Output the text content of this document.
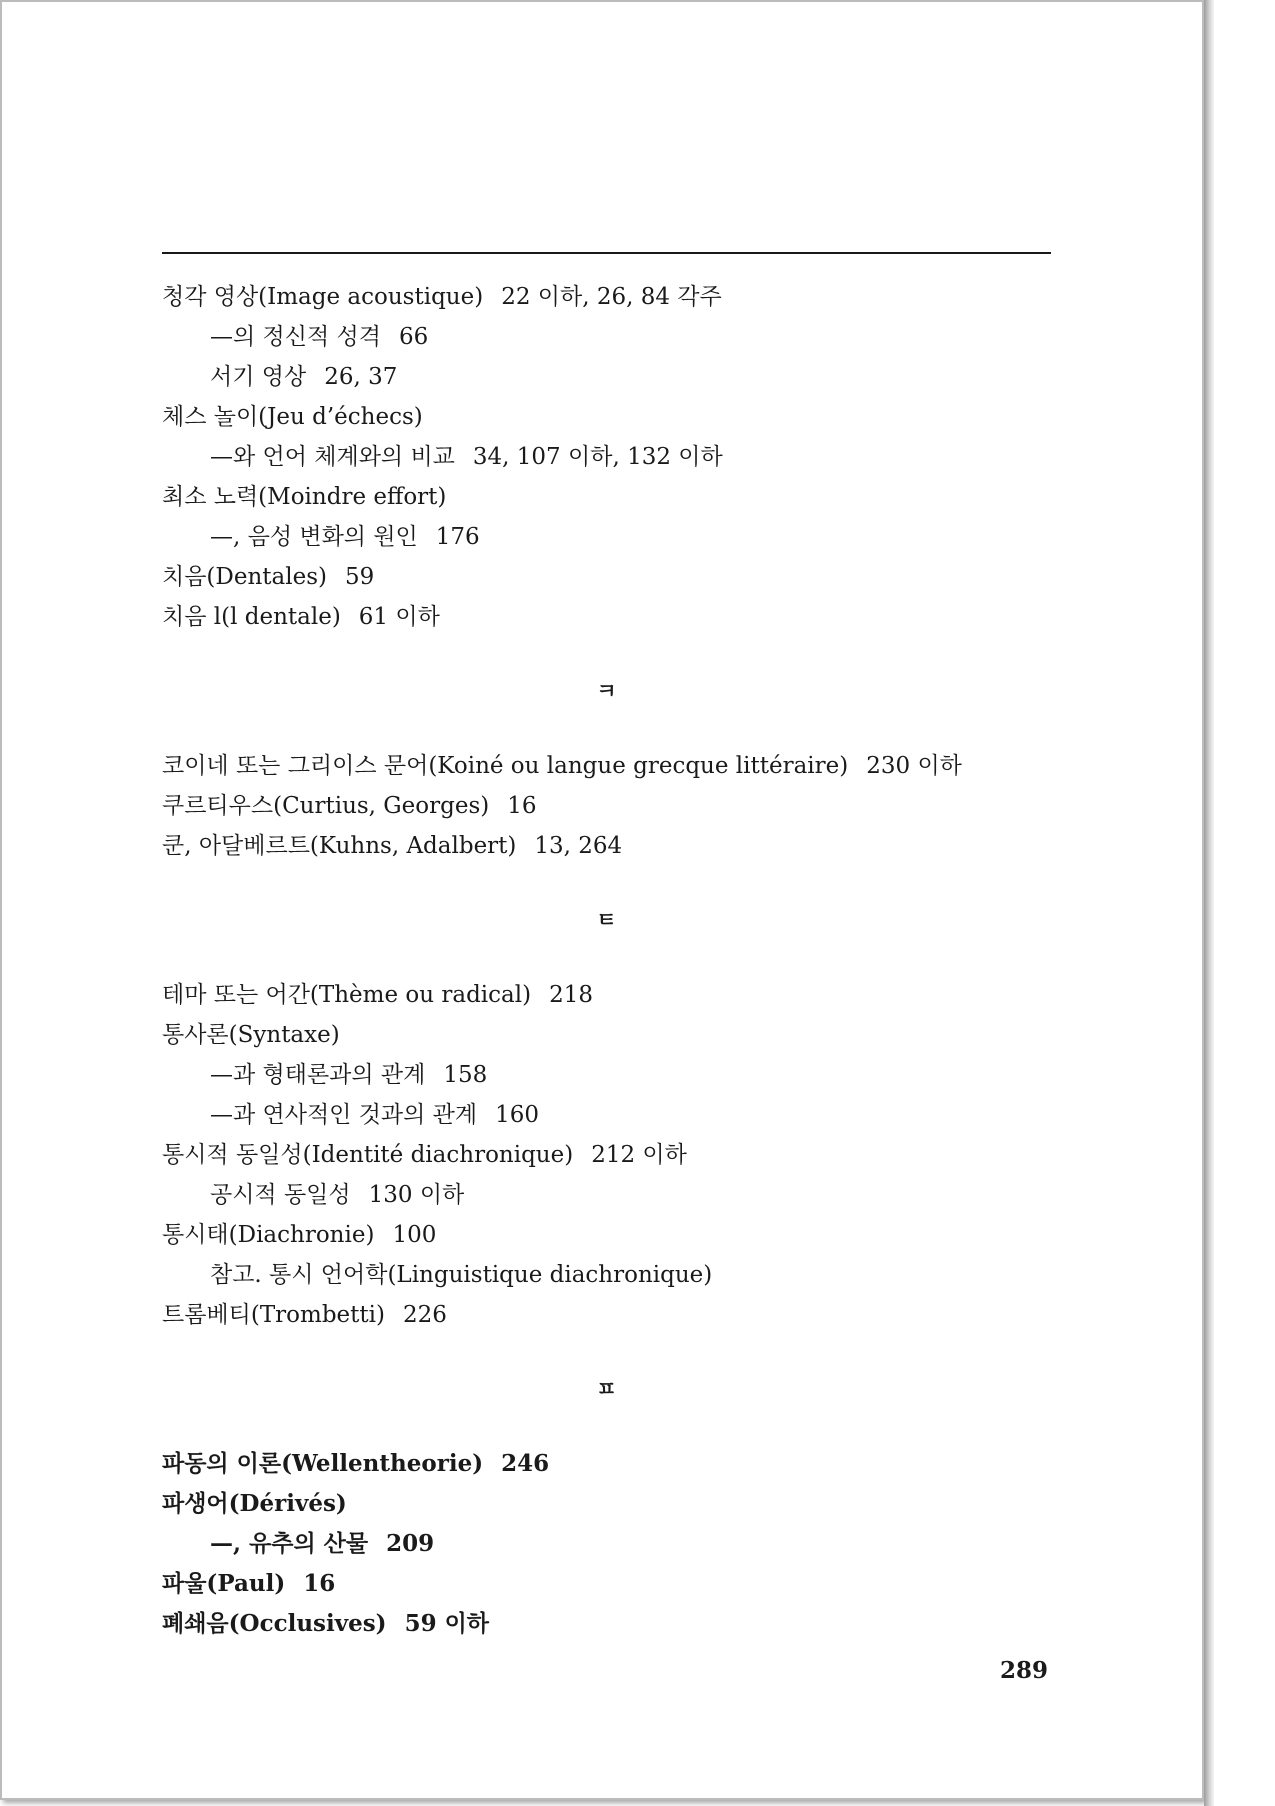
청각 영상(Image acoustique) 22 이하, 26, 84 각주
—의 정신적 성격 66
서기 영상 26, 37
체스 놀이(Jeu d’échecs)
—와 언어 체계와의 비교 34, 107 이하, 132 이하
최소 노력(Moindre effort)
—, 음성 변화의 원인 176
치음(Dentales) 59
치음 l(l dentale) 61 이하
ㅋ
코이네 또는 그리이스 문어(Koiné ou langue grecque littéraire) 230 이하
쿠르티우스(Curtius, Georges) 16
쿤, 아달베르트(Kuhns, Adalbert) 13, 264
ㅌ
테마 또는 어간(Thème ou radical) 218
통사론(Syntaxe)
—과 형태론과의 관계 158
—과 연사적인 것과의 관계 160
통시적 동일성(Identité diachronique) 212 이하
공시적 동일성 130 이하
통시태(Diachronie) 100
참고. 통시 언어학(Linguistique diachronique)
트롬베티(Trombetti) 226
ㅍ
파동의 이론(Wellentheorie) 246
파생어(Dérivés)
—, 유추의 산물 209
파울(Paul) 16
폐쇄음(Occlusives) 59 이하
289
